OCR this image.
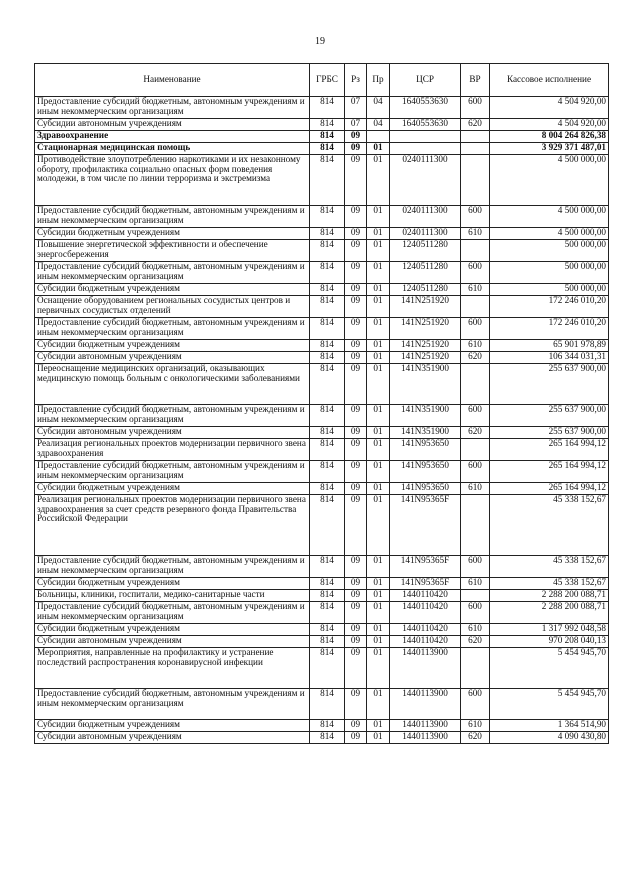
19
Наименование	ГРБС	Рз	Пр	ЦСР	ВР	Кассовое исполнение
Предоставление субсидий бюджетным, автономным учреждениям и иным некоммерческим организациям	814	07	04	1640553630	600	4 504 920,00
Субсидии автономным учреждениям	814	07	04	1640553630	620	4 504 920,00
Здравоохранение	814	09				8 004 264 826,38
Стационарная медицинская помощь	814	09	01			3 929 371 487,01
Противодействие злоупотреблению наркотиками и их незаконному обороту, профилактика социально опасных форм поведения молодежи, в том числе по линии терроризма и экстремизма	814	09	01	0240111300		4 500 000,00
Предоставление субсидий бюджетным, автономным учреждениям и иным некоммерческим организациям	814	09	01	0240111300	600	4 500 000,00
Субсидии бюджетным учреждениям	814	09	01	0240111300	610	4 500 000,00
Повышение энергетической эффективности и обеспечение энергосбережения	814	09	01	1240511280		500 000,00
Предоставление субсидий бюджетным, автономным учреждениям и иным некоммерческим организациям	814	09	01	1240511280	600	500 000,00
Субсидии бюджетным учреждениям	814	09	01	1240511280	610	500 000,00
Оснащение оборудованием региональных сосудистых центров и первичных сосудистых отделений	814	09	01	141N251920		172 246 010,20
Предоставление субсидий бюджетным, автономным учреждениям и иным некоммерческим организациям	814	09	01	141N251920	600	172 246 010,20
Субсидии бюджетным учреждениям	814	09	01	141N251920	610	65 901 978,89
Субсидии автономным учреждениям	814	09	01	141N251920	620	106 344 031,31
Переоснащение медицинских организаций, оказывающих медицинскую помощь больным с онкологическими заболеваниями	814	09	01	141N351900		255 637 900,00
Предоставление субсидий бюджетным, автономным учреждениям и иным некоммерческим организациям	814	09	01	141N351900	600	255 637 900,00
Субсидии автономным учреждениям	814	09	01	141N351900	620	255 637 900,00
Реализация региональных проектов модернизации первичного звена здравоохранения	814	09	01	141N953650		265 164 994,12
Предоставление субсидий бюджетным, автономным учреждениям и иным некоммерческим организациям	814	09	01	141N953650	600	265 164 994,12
Субсидии бюджетным учреждениям	814	09	01	141N953650	610	265 164 994,12
Реализация региональных проектов модернизации первичного звена здравоохранения за счет средств резервного фонда Правительства Российской Федерации	814	09	01	141N95365F		45 338 152,67
Предоставление субсидий бюджетным, автономным учреждениям и иным некоммерческим организациям	814	09	01	141N95365F	600	45 338 152,67
Субсидии бюджетным учреждениям	814	09	01	141N95365F	610	45 338 152,67
Больницы, клиники, госпитали, медико-санитарные части	814	09	01	1440110420		2 288 200 088,71
Предоставление субсидий бюджетным, автономным учреждениям и иным некоммерческим организациям	814	09	01	1440110420	600	2 288 200 088,71
Субсидии бюджетным учреждениям	814	09	01	1440110420	610	1 317 992 048,58
Субсидии автономным учреждениям	814	09	01	1440110420	620	970 208 040,13
Мероприятия, направленные на профилактику и устранение последствий распространения коронавирусной инфекции	814	09	01	1440113900		5 454 945,70
Предоставление субсидий бюджетным, автономным учреждениям и иным некоммерческим организациям	814	09	01	1440113900	600	5 454 945,70
Субсидии бюджетным учреждениям	814	09	01	1440113900	610	1 364 514,90
Субсидии автономным учреждениям	814	09	01	1440113900	620	4 090 430,80
